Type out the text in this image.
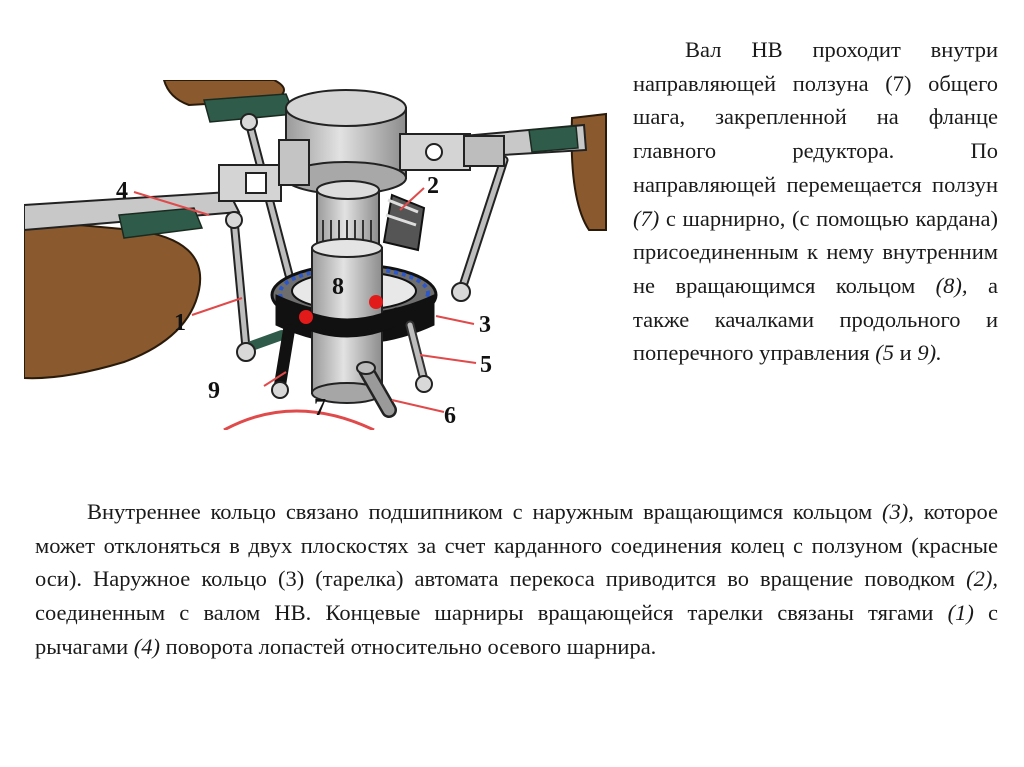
4
1
2
3
8
5
9
7	6

Вал НВ проходит внутри направляющей ползуна (7) общего шага, закрепленной на фланце главного редуктора. По направляющей перемещается ползун (7) с шарнирно, (с помощью кардана) присоединенным к нему внутренним не вращающимся кольцом (8), а также качалками продольного и поперечного управления (5 и 9).

Внутреннее кольцо связано подшипником с наружным вращающимся кольцом (3), которое может отклоняться в двух плоскостях за счет карданного соединения колец с ползуном (красные оси). Наружное кольцо (3) (тарелка) автомата перекоса приводится во вращение поводком (2), соединенным с валом НВ. Концевые шарниры вращающейся тарелки связаны тягами (1) с рычагами (4) поворота лопастей относительно осевого шарнира.
